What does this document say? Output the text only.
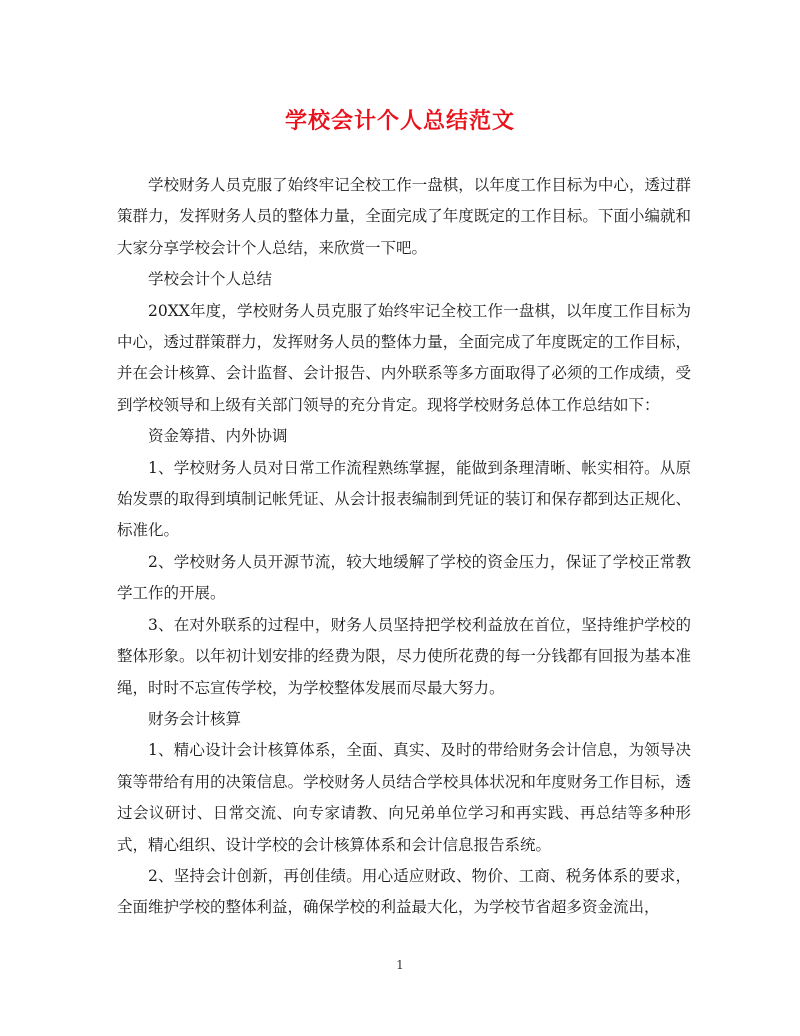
学校会计个人总结范文

学校财务人员克服了始终牢记全校工作一盘棋，以年度工作目标为中心，透过群策群力，发挥财务人员的整体力量，全面完成了年度既定的工作目标。下面小编就和大家分享学校会计个人总结，来欣赏一下吧。

学校会计个人总结

20XX年度，学校财务人员克服了始终牢记全校工作一盘棋，以年度工作目标为中心，透过群策群力，发挥财务人员的整体力量，全面完成了年度既定的工作目标，并在会计核算、会计监督、会计报告、内外联系等多方面取得了必须的工作成绩，受到学校领导和上级有关部门领导的充分肯定。现将学校财务总体工作总结如下：

资金筹措、内外协调

1、学校财务人员对日常工作流程熟练掌握，能做到条理清晰、帐实相符。从原始发票的取得到填制记帐凭证、从会计报表编制到凭证的装订和保存都到达正规化、标准化。

2、学校财务人员开源节流，较大地缓解了学校的资金压力，保证了学校正常教学工作的开展。

3、在对外联系的过程中，财务人员坚持把学校利益放在首位，坚持维护学校的整体形象。以年初计划安排的经费为限，尽力使所花费的每一分钱都有回报为基本准绳，时时不忘宣传学校，为学校整体发展而尽最大努力。

财务会计核算

1、精心设计会计核算体系，全面、真实、及时的带给财务会计信息，为领导决策等带给有用的决策信息。学校财务人员结合学校具体状况和年度财务工作目标，透过会议研讨、日常交流、向专家请教、向兄弟单位学习和再实践、再总结等多种形式，精心组织、设计学校的会计核算体系和会计信息报告系统。

2、坚持会计创新，再创佳绩。用心适应财政、物价、工商、税务体系的要求，全面维护学校的整体利益，确保学校的利益最大化，为学校节省超多资金流出，

1
